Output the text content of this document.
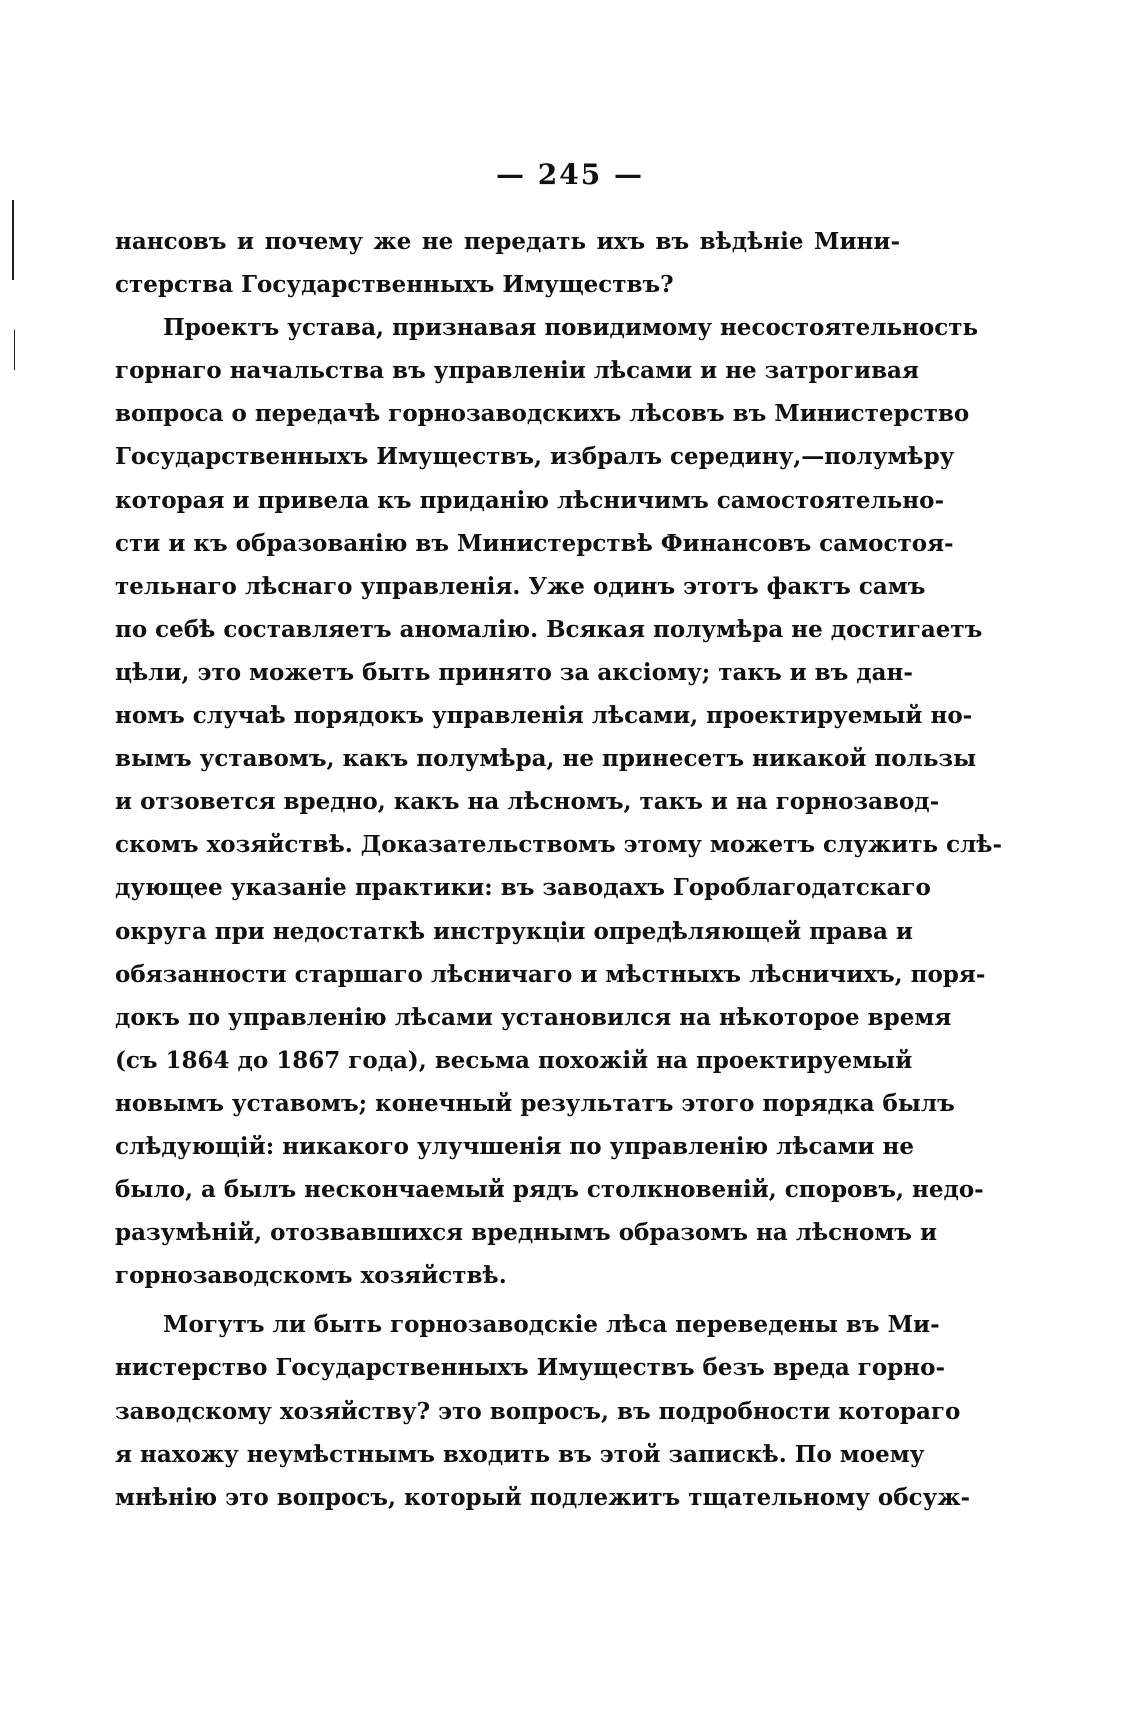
— 245 —
нансовъ и почему же не передать ихъ въ вѣдѣніе Мини-
стерства Государственныхъ Имуществъ?
Проектъ устава, признавая повидимому несостоятельность
горнаго начальства въ управленіи лѣсами и не затрогивая
вопроса о передачѣ горнозаводскихъ лѣсовъ въ Министерство
Государственныхъ Имуществъ, избралъ середину,—полумѣру
которая и привела къ приданію лѣсничимъ самостоятельно-
сти и къ образованію въ Министерствѣ Финансовъ самостоя-
тельнаго лѣснаго управленія. Уже одинъ этотъ фактъ самъ
по себѣ составляетъ аномалію. Всякая полумѣра не достигаетъ
цѣли, это можетъ быть принято за аксіому; такъ и въ дан-
номъ случаѣ порядокъ управленія лѣсами, проектируемый но-
вымъ уставомъ, какъ полумѣра, не принесетъ никакой пользы
и отзовется вредно, какъ на лѣсномъ, такъ и на горнозавод-
скомъ хозяйствѣ. Доказательствомъ этому можетъ служить слѣ-
дующее указаніе практики: въ заводахъ Гороблагодатскаго
округа при недостаткѣ инструкціи опредѣляющей права и
обязанности старшаго лѣсничаго и мѣстныхъ лѣсничихъ, поря-
докъ по управленію лѣсами установился на нѣкоторое время
(съ 1864 до 1867 года), весьма похожій на проектируемый
новымъ уставомъ; конечный результатъ этого порядка былъ
слѣдующій: никакого улучшенія по управленію лѣсами не
было, а былъ нескончаемый рядъ столкновеній, споровъ, недо-
разумѣній, отозвавшихся вреднымъ образомъ на лѣсномъ и
горнозаводскомъ хозяйствѣ.
Могутъ ли быть горнозаводскіе лѣса переведены въ Ми-
нистерство Государственныхъ Имуществъ безъ вреда горно-
заводскому хозяйству? это вопросъ, въ подробности котораго
я нахожу неумѣстнымъ входить въ этой запискѣ. По моему
мнѣнію это вопросъ, который подлежитъ тщательному обсуж-
